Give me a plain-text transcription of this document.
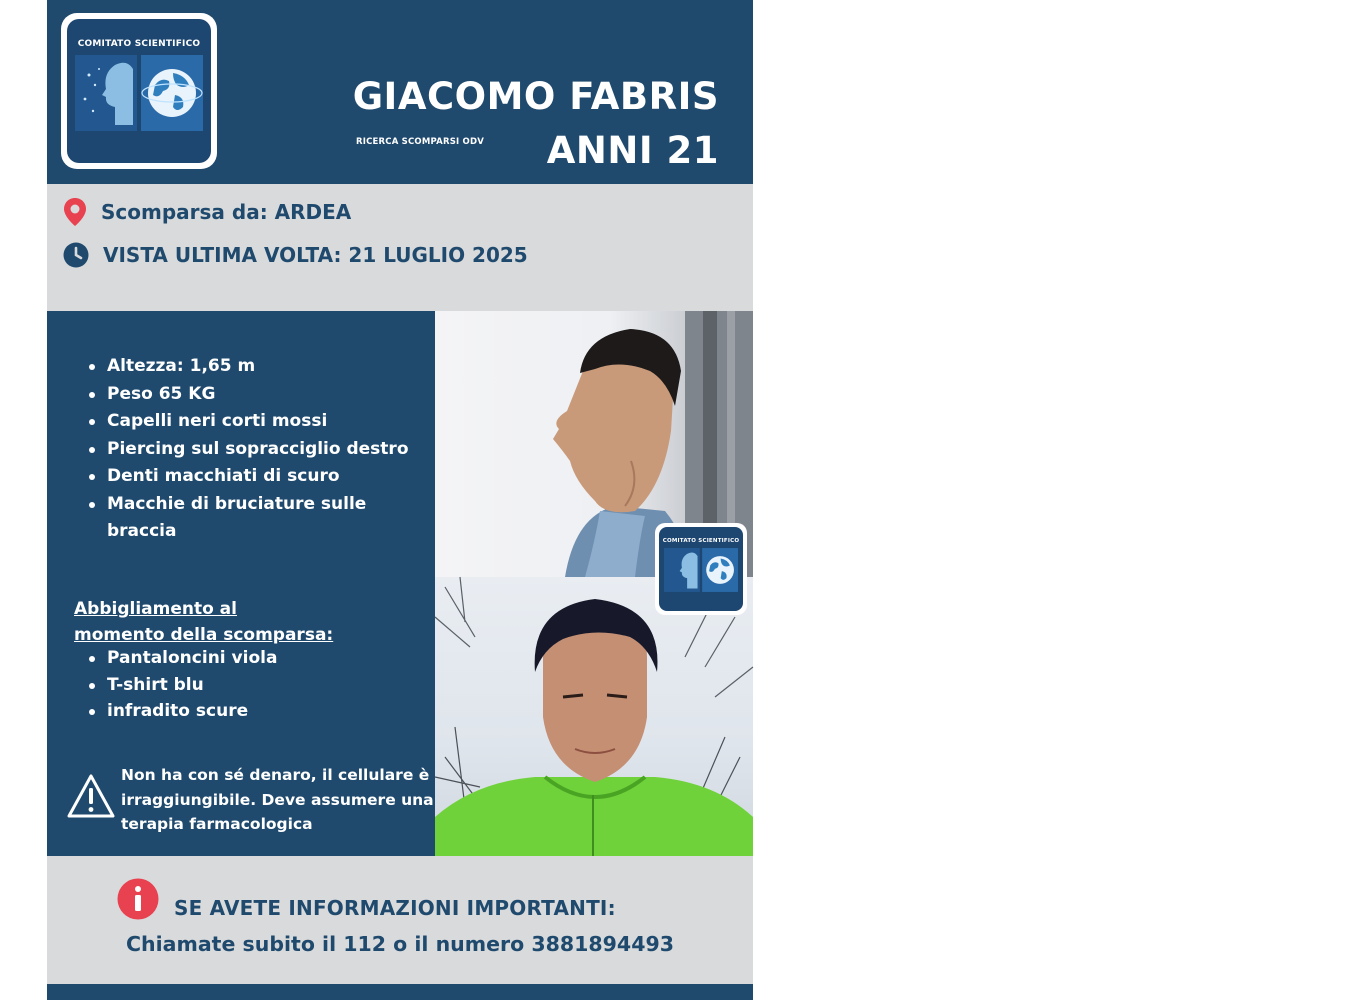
COMITATO SCIENTIFICO
RICERCA SCOMPARSI ODV
GIACOMO FABRIS
ANNI 21
Scomparsa da: ARDEA
VISTA ULTIMA VOLTA: 21 LUGLIO 2025
Altezza: 1,65 m
Peso 65 KG
Capelli neri corti mossi
Piercing sul sopracciglio destro
Denti macchiati di scuro
Macchie di bruciature sulle braccia
Abbigliamento al
momento della scomparsa:
Pantaloncini viola
T-shirt blu
infradito scure
Non ha con sé denaro, il cellulare è irraggiungibile. Deve assumere una terapia farmacologica
COMITATO SCIENTIFICO
RICERCA SCOMPARSI ODV
SE AVETE INFORMAZIONI IMPORTANTI:
Chiamate subito il 112 o il numero 3881894493
